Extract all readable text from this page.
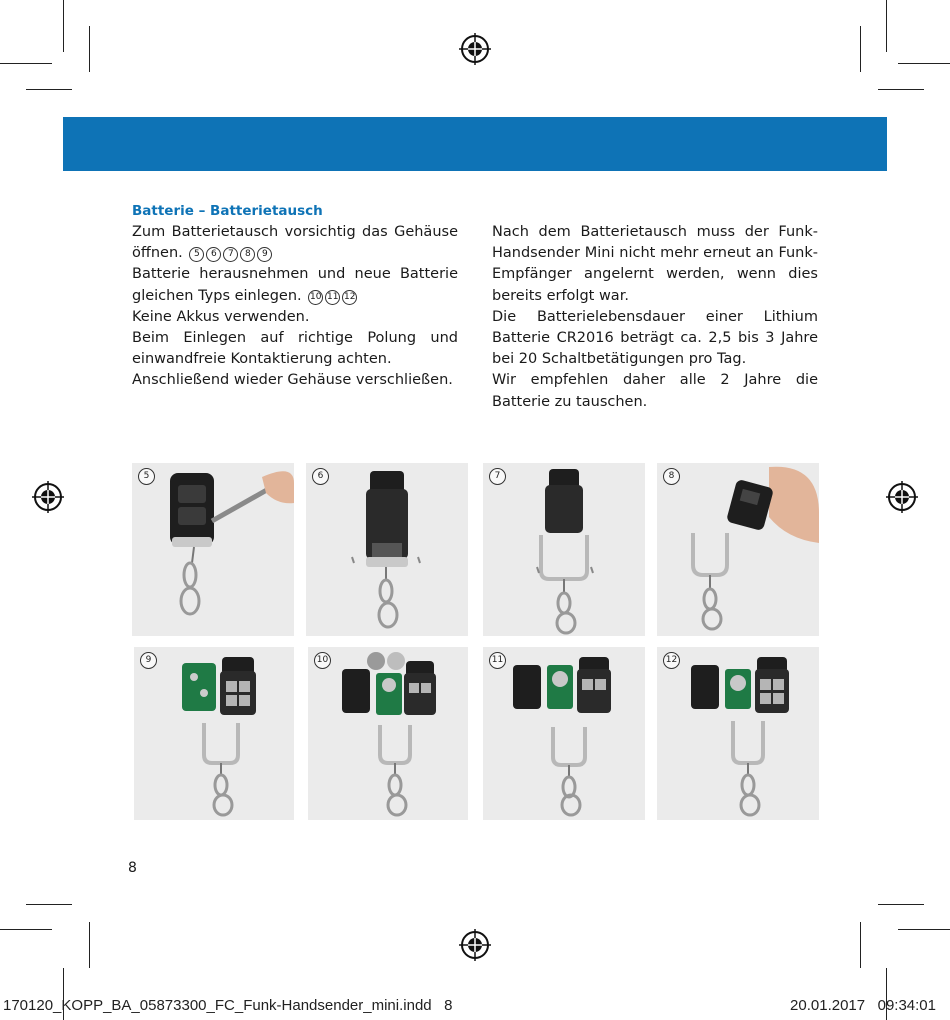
Batterie – Batterietausch

Zum Batterietausch vorsichtig das Gehäuse öffnen. 5 6 7 8 9

Batterie herausnehmen und neue Batterie gleichen Typs einlegen. 10 11 12

Keine Akkus verwenden.

Beim Einlegen auf richtige Polung und einwandfreie Kontaktierung achten.

Anschließend wieder Gehäuse verschließen.

Nach dem Batterietausch muss der Funk-Handsender Mini nicht mehr erneut an Funk-Empfänger angelernt werden, wenn dies bereits erfolgt war.

Die Batterielebensdauer einer Lithium Batterie CR2016 beträgt ca. 2,5 bis 3 Jahre bei 20 Schaltbetätigungen pro Tag.

Wir empfehlen daher alle 2 Jahre die Batterie zu tauschen.

5	6	7	8
9	10	11	12
8
170120_KOPP_BA_05873300_FC_Funk-Handsender_mini.indd   8	20.01.2017   09:34:01
